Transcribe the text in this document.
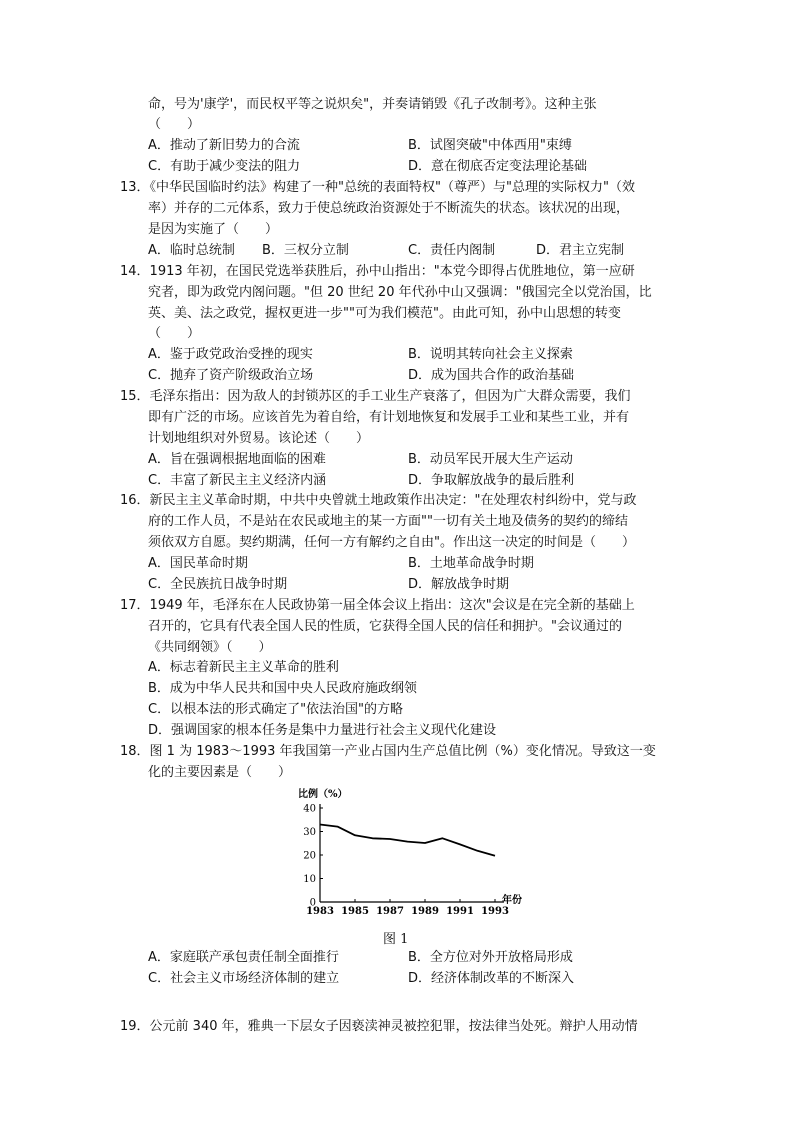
命，号为'康学'，而民权平等之说炽矣"，并奏请销毁《孔子改制考》。这种主张
（　　）
A．推动了新旧势力的合流	B．试图突破"中体西用"束缚
C．有助于减少变法的阻力	D．意在彻底否定变法理论基础
13．《中华民国临时约法》构建了一种"总统的表面特权"（尊严）与"总理的实际权力"（效
率）并存的二元体系，致力于使总统政治资源处于不断流失的状态。该状况的出现，
是因为实施了（　　）
A．临时总统制 B．三权分立制	C．责任内阁制	D．君主立宪制
14．1913 年初，在国民党选举获胜后，孙中山指出："本党今即得占优胜地位，第一应研
究者，即为政党内阁问题。"但 20 世纪 20 年代孙中山又强调："俄国完全以党治国，比
英、美、法之政党，握权更进一步""可为我们模范"。由此可知，孙中山思想的转变
（　　）
A．鉴于政党政治受挫的现实	B．说明其转向社会主义探索
C．抛弃了资产阶级政治立场	D．成为国共合作的政治基础
15．毛泽东指出：因为敌人的封锁苏区的手工业生产衰落了，但因为广大群众需要，我们
即有广泛的市场。应该首先为着自给，有计划地恢复和发展手工业和某些工业，并有
计划地组织对外贸易。该论述（　　）
A．旨在强调根据地面临的困难	B．动员军民开展大生产运动
C．丰富了新民主主义经济内涵	D．争取解放战争的最后胜利
16．新民主主义革命时期，中共中央曾就土地政策作出决定："在处理农村纠纷中，党与政
府的工作人员，不是站在农民或地主的某一方面""一切有关土地及债务的契约的缔结
须依双方自愿。契约期满，任何一方有解约之自由"。作出这一决定的时间是（　　）
A．国民革命时期	B．土地革命战争时期
C．全民族抗日战争时期	D．解放战争时期
17．1949 年，毛泽东在人民政协第一届全体会议上指出：这次"会议是在完全新的基础上
召开的，它具有代表全国人民的性质，它获得全国人民的信任和拥护。"会议通过的
《共同纲领》（　　）
A．标志着新民主主义革命的胜利
B．成为中华人民共和国中央人民政府施政纲领
C．以根本法的形式确定了"依法治国"的方略
D．强调国家的根本任务是集中力量进行社会主义现代化建设
18．图 1 为 1983～1993 年我国第一产业占国内生产总值比例（%）变化情况。导致这一变
化的主要因素是（　　）
比例（%）
年份
0
10
20
30
40
1983 1985 1987 1989 1991 1993
图 1
A．家庭联产承包责任制全面推行	B．全方位对外开放格局形成
C．社会主义市场经济体制的建立	D．经济体制改革的不断深入
19．公元前 340 年，雅典一下层女子因亵渎神灵被控犯罪，按法律当处死。辩护人用动情
